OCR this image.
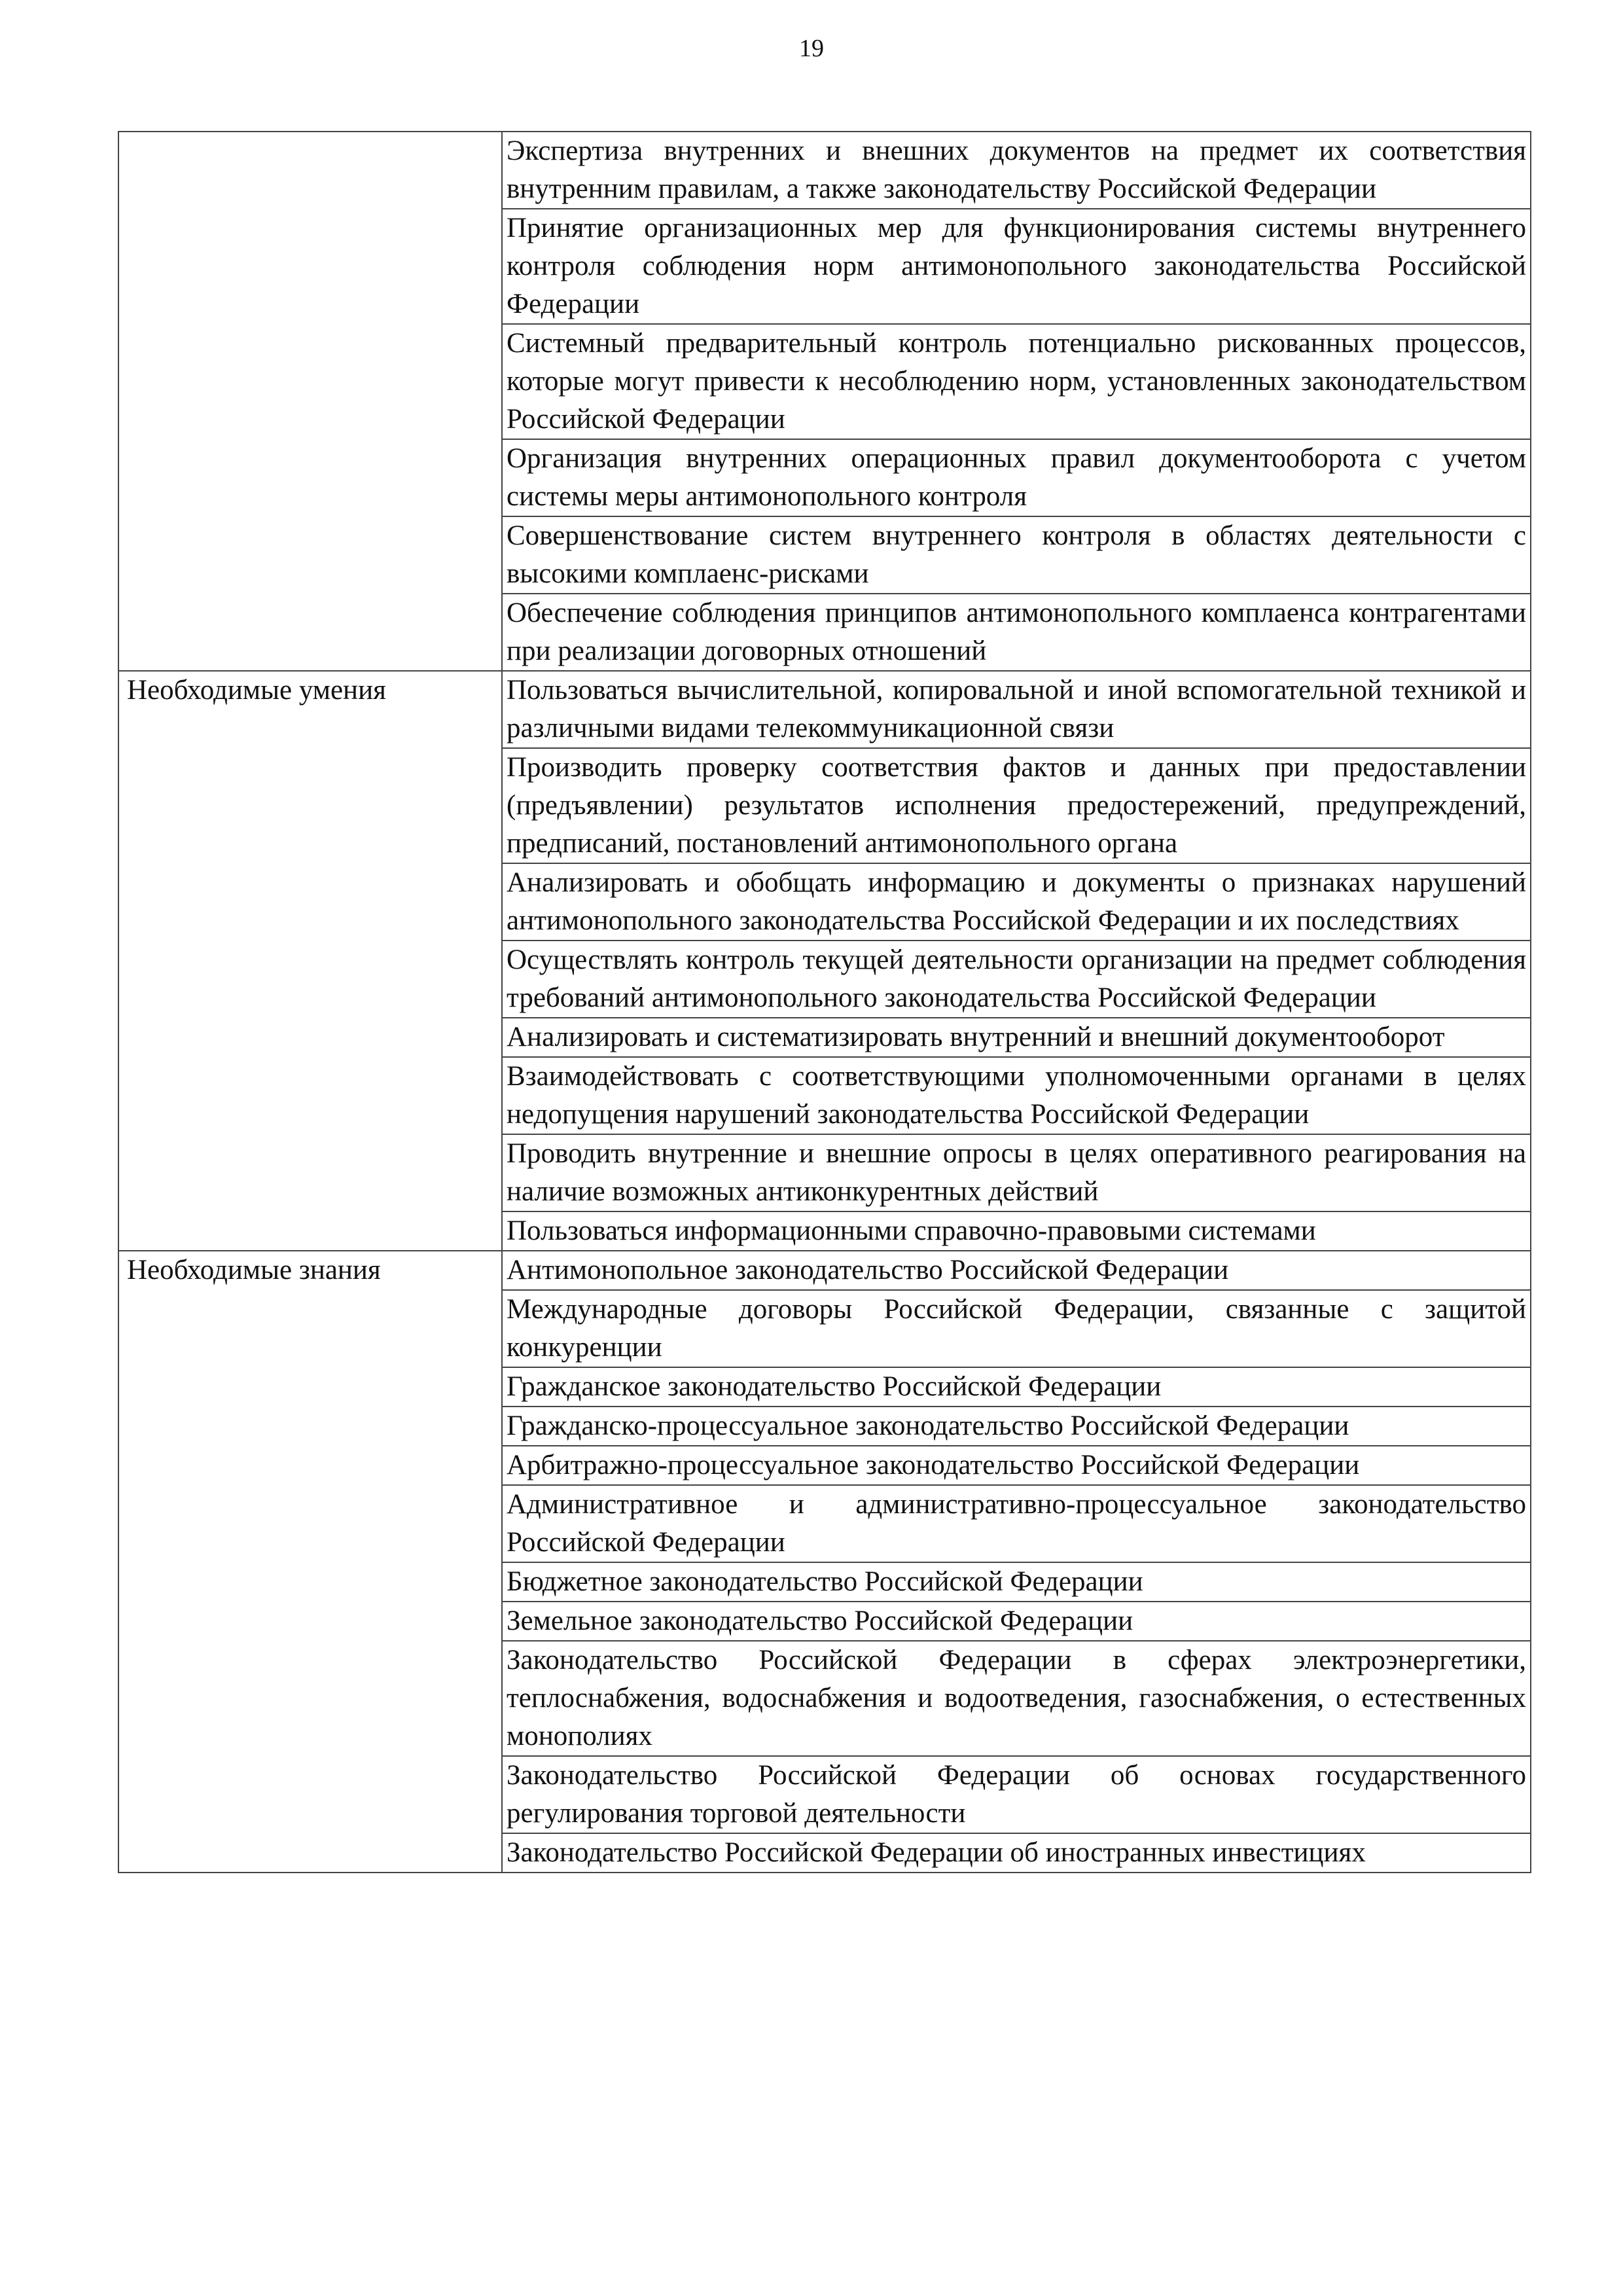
19
	Экспертиза внутренних и внешних документов на предмет их соответствия внутренним правилам, а также законодательству Российской Федерации
	Принятие организационных мер для функционирования системы внутреннего контроля соблюдения норм антимонопольного законодательства Российской Федерации
	Системный предварительный контроль потенциально рискованных процессов, которые могут привести к несоблюдению норм, установленных законодательством Российской Федерации
	Организация внутренних операционных правил документооборота с учетом системы меры антимонопольного контроля
	Совершенствование систем внутреннего контроля в областях деятельности с высокими комплаенс-рисками
	Обеспечение соблюдения принципов антимонопольного комплаенса контрагентами при реализации договорных отношений
Необходимые умения	Пользоваться вычислительной, копировальной и иной вспомогательной техникой и различными видами телекоммуникационной связи
	Производить проверку соответствия фактов и данных при предоставлении (предъявлении) результатов исполнения предостережений, предупреждений, предписаний, постановлений антимонопольного органа
	Анализировать и обобщать информацию и документы о признаках нарушений антимонопольного законодательства Российской Федерации и их последствиях
	Осуществлять контроль текущей деятельности организации на предмет соблюдения требований антимонопольного законодательства Российской Федерации
	Анализировать и систематизировать внутренний и внешний документооборот
	Взаимодействовать с соответствующими уполномоченными органами в целях недопущения нарушений законодательства Российской Федерации
	Проводить внутренние и внешние опросы в целях оперативного реагирования на наличие возможных антиконкурентных действий
	Пользоваться информационными справочно-правовыми системами
Необходимые знания	Антимонопольное законодательство Российской Федерации
	Международные договоры Российской Федерации, связанные с защитой конкуренции
	Гражданское законодательство Российской Федерации
	Гражданско-процессуальное законодательство Российской Федерации
	Арбитражно-процессуальное законодательство Российской Федерации
	Административное и административно-процессуальное законодательство Российской Федерации
	Бюджетное законодательство Российской Федерации
	Земельное законодательство Российской Федерации
	Законодательство Российской Федерации в сферах электроэнергетики, теплоснабжения, водоснабжения и водоотведения, газоснабжения, о естественных монополиях
	Законодательство Российской Федерации об основах государственного регулирования торговой деятельности
	Законодательство Российской Федерации об иностранных инвестициях
